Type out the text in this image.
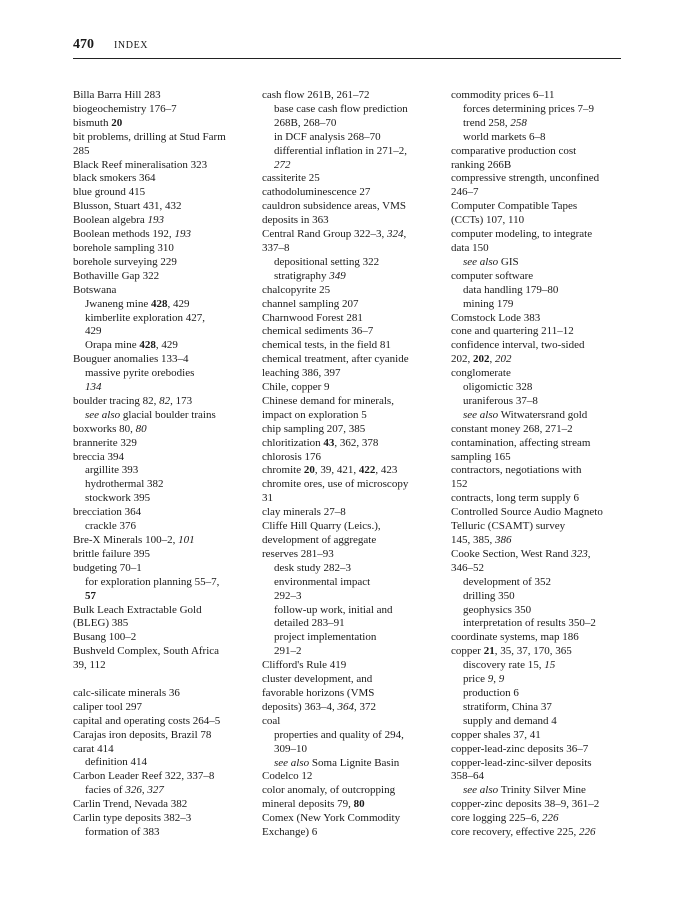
470 INDEX
Billa Barra Hill 283
biogeochemistry 176–7
bismuth 20
bit problems, drilling at Stud Farm
285
Black Reef mineralisation 323
black smokers 364
blue ground 415
Blusson, Stuart 431, 432
Boolean algebra 193
Boolean methods 192, 193
borehole sampling 310
borehole surveying 229
Bothaville Gap 322
Botswana
Jwaneng mine 428, 429
kimberlite exploration 427,
429
Orapa mine 428, 429
Bouguer anomalies 133–4
massive pyrite orebodies
134
boulder tracing 82, 82, 173
see also glacial boulder trains
boxworks 80, 80
brannerite 329
breccia 394
argillite 393
hydrothermal 382
stockwork 395
brecciation 364
crackle 376
Bre-X Minerals 100–2, 101
brittle failure 395
budgeting 70–1
for exploration planning 55–7,
57
Bulk Leach Extractable Gold
(BLEG) 385
Busang 100–2
Bushveld Complex, South Africa
39, 112
calc-silicate minerals 36
caliper tool 297
capital and operating costs 264–5
Carajas iron deposits, Brazil 78
carat 414
definition 414
Carbon Leader Reef 322, 337–8
facies of 326, 327
Carlin Trend, Nevada 382
Carlin type deposits 382–3
formation of 383
cash flow 261B, 261–72
base case cash flow prediction
268B, 268–70
in DCF analysis 268–70
differential inflation in 271–2,
272
cassiterite 25
cathodoluminescence 27
cauldron subsidence areas, VMS
deposits in 363
Central Rand Group 322–3, 324,
337–8
depositional setting 322
stratigraphy 349
chalcopyrite 25
channel sampling 207
Charnwood Forest 281
chemical sediments 36–7
chemical tests, in the field 81
chemical treatment, after cyanide
leaching 386, 397
Chile, copper 9
Chinese demand for minerals,
impact on exploration 5
chip sampling 207, 385
chloritization 43, 362, 378
chlorosis 176
chromite 20, 39, 421, 422, 423
chromite ores, use of microscopy
31
clay minerals 27–8
Cliffe Hill Quarry (Leics.),
development of aggregate
reserves 281–93
desk study 282–3
environmental impact
292–3
follow-up work, initial and
detailed 283–91
project implementation
291–2
Clifford's Rule 419
cluster development, and
favorable horizons (VMS
deposits) 363–4, 364, 372
coal
properties and quality of 294,
309–10
see also Soma Lignite Basin
Codelco 12
color anomaly, of outcropping
mineral deposits 79, 80
Comex (New York Commodity
Exchange) 6
commodity prices 6–11
forces determining prices 7–9
trend 258, 258
world markets 6–8
comparative production cost
ranking 266B
compressive strength, unconfined
246–7
Computer Compatible Tapes
(CCTs) 107, 110
computer modeling, to integrate
data 150
see also GIS
computer software
data handling 179–80
mining 179
Comstock Lode 383
cone and quartering 211–12
confidence interval, two-sided
202, 202, 202
conglomerate
oligomictic 328
uraniferous 37–8
see also Witwatersrand gold
constant money 268, 271–2
contamination, affecting stream
sampling 165
contractors, negotiations with
152
contracts, long term supply 6
Controlled Source Audio Magneto
Telluric (CSAMT) survey
145, 385, 386
Cooke Section, West Rand 323,
346–52
development of 352
drilling 350
geophysics 350
interpretation of results 350–2
coordinate systems, map 186
copper 21, 35, 37, 170, 365
discovery rate 15, 15
price 9, 9
production 6
stratiform, China 37
supply and demand 4
copper shales 37, 41
copper-lead-zinc deposits 36–7
copper-lead-zinc-silver deposits
358–64
see also Trinity Silver Mine
copper-zinc deposits 38–9, 361–2
core logging 225–6, 226
core recovery, effective 225, 226
